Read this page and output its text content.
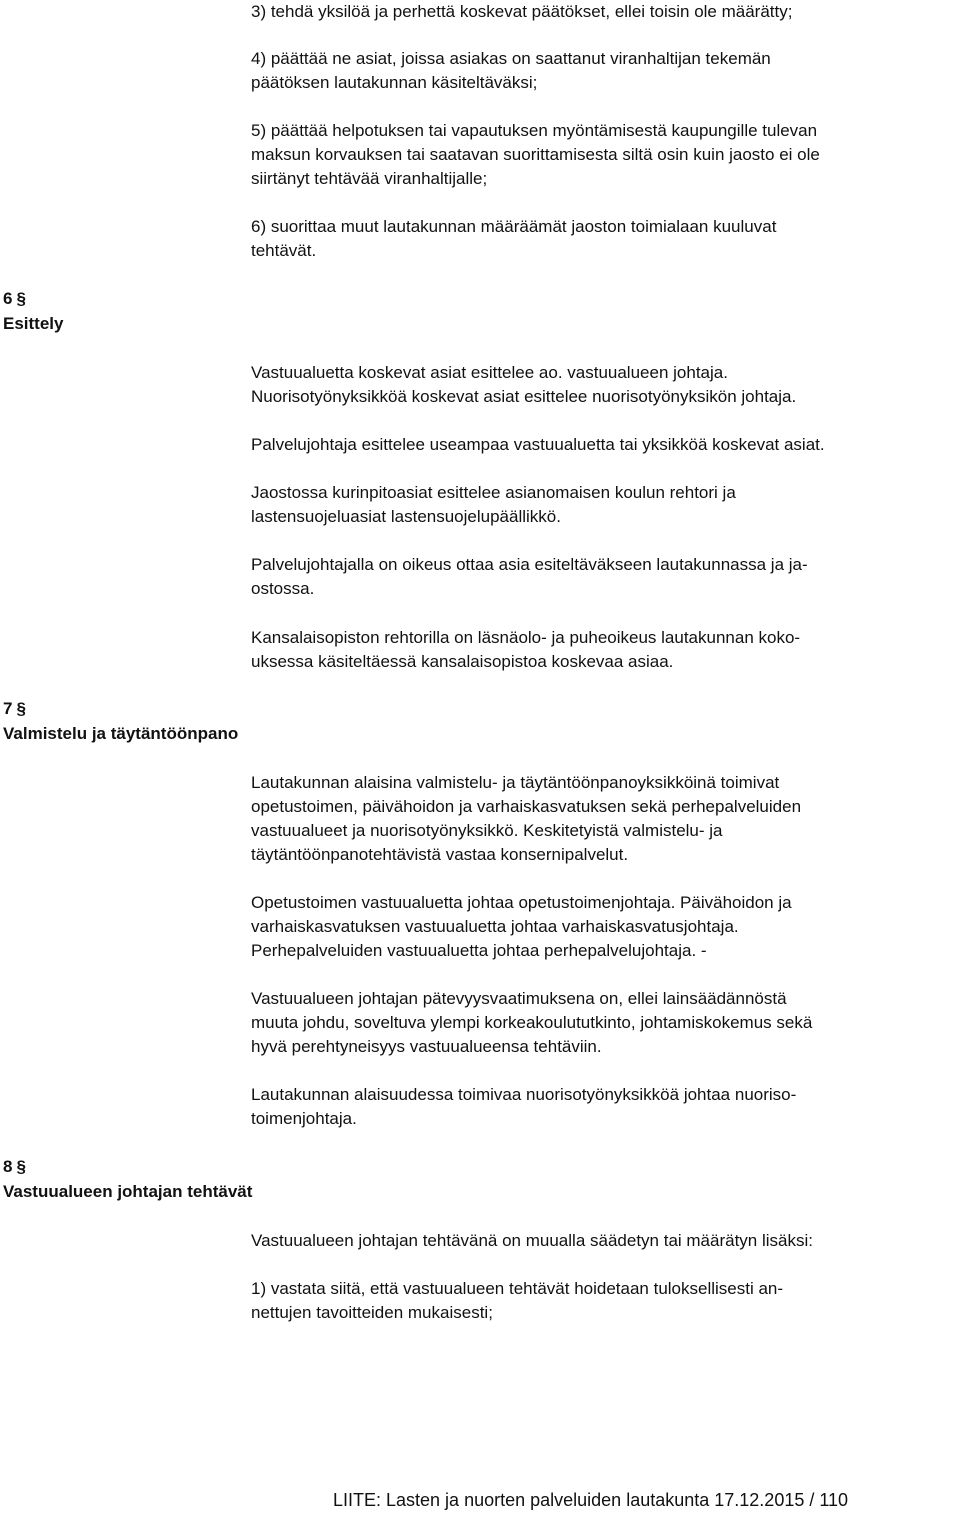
3) tehdä yksilöä ja perhettä koskevat päätökset, ellei toisin ole määrätty;

4) päättää ne asiat, joissa asiakas on saattanut viranhaltijan tekemän

päätöksen lautakunnan käsiteltäväksi;

5) päättää helpotuksen tai vapautuksen myöntämisestä kaupungille tulevan

maksun korvauksen tai saatavan suorittamisesta siltä osin kuin jaosto ei ole

siirtänyt tehtävää viranhaltijalle;

6) suorittaa muut lautakunnan määräämät jaoston toimialaan kuuluvat

tehtävät.

6 §
Esittely

Vastuualuetta koskevat asiat esittelee ao. vastuualueen johtaja.

Nuorisotyönyksikköä koskevat asiat esittelee nuorisotyönyksikön johtaja.

Palvelujohtaja esittelee useampaa vastuualuetta tai yksikköä koskevat asiat.

Jaostossa kurinpitoasiat esittelee asianomaisen koulun rehtori ja

lastensuojeluasiat lastensuojelupäällikkö.

Palvelujohtajalla on oikeus ottaa asia esiteltäväkseen lautakunnassa ja ja-

ostossa.

Kansalaisopiston rehtorilla on läsnäolo- ja puheoikeus lautakunnan koko-

uksessa käsiteltäessä kansalaisopistoa koskevaa asiaa.

7 §
Valmistelu ja täytäntöönpano

Lautakunnan alaisina valmistelu- ja täytäntöönpanoyksikköinä toimivat

opetustoimen, päivähoidon ja varhaiskasvatuksen sekä perhepalveluiden

vastuualueet ja nuorisotyönyksikkö. Keskitetyistä valmistelu- ja

täytäntöönpanotehtävistä vastaa konsernipalvelut.

Opetustoimen vastuualuetta johtaa opetustoimenjohtaja. Päivähoidon ja

varhaiskasvatuksen vastuualuetta johtaa varhaiskasvatusjohtaja.

Perhepalveluiden vastuualuetta johtaa perhepalvelujohtaja. -

Vastuualueen johtajan pätevyysvaatimuksena on, ellei lainsäädännöstä

muuta johdu, soveltuva ylempi korkeakoulututkinto, johtamiskokemus sekä

hyvä perehtyneisyys vastuualueensa tehtäviin.

Lautakunnan alaisuudessa toimivaa nuorisotyönyksikköä johtaa nuoriso-

toimenjohtaja.

8 §
Vastuualueen johtajan tehtävät

Vastuualueen johtajan tehtävänä on muualla säädetyn tai määrätyn lisäksi:

1) vastata siitä, että vastuualueen tehtävät hoidetaan tuloksellisesti an-

nettujen tavoitteiden mukaisesti;

LIITE: Lasten ja nuorten palveluiden lautakunta 17.12.2015 / 110
